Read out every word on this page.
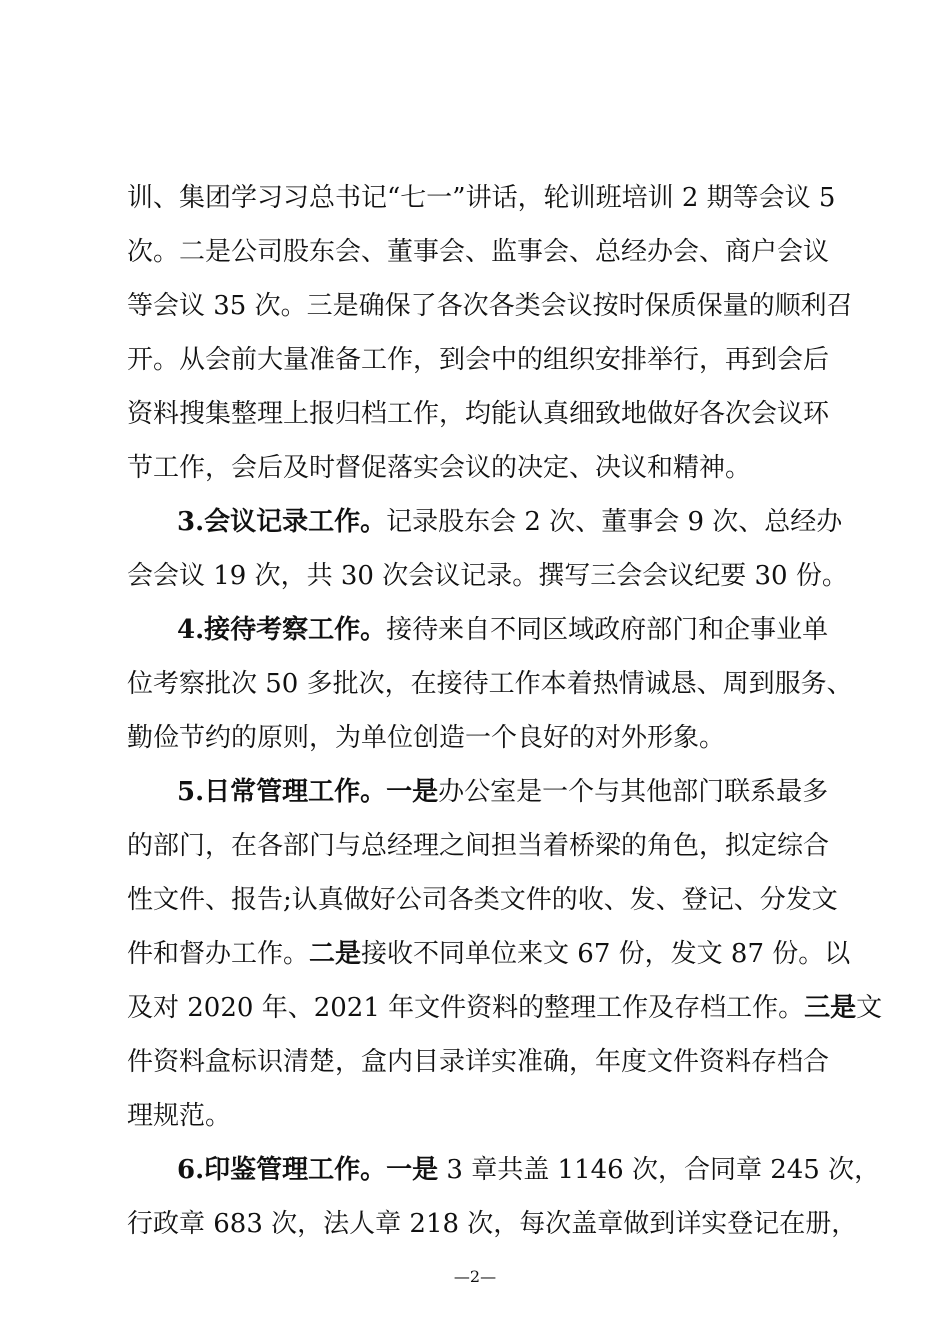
训、集团学习习总书记“七一”讲话，轮训班培训 2 期等会议 5
次。二是公司股东会、董事会、监事会、总经办会、商户会议
等会议 35 次。三是确保了各次各类会议按时保质保量的顺利召
开。从会前大量准备工作，到会中的组织安排举行，再到会后
资料搜集整理上报归档工作，均能认真细致地做好各次会议环
节工作，会后及时督促落实会议的决定、决议和精神。
3.会议记录工作。记录股东会 2 次、董事会 9 次、总经办
会会议 19 次，共 30 次会议记录。撰写三会会议纪要 30 份。
4.接待考察工作。接待来自不同区域政府部门和企事业单
位考察批次 50 多批次，在接待工作本着热情诚恳、周到服务、
勤俭节约的原则，为单位创造一个良好的对外形象。
5.日常管理工作。一是办公室是一个与其他部门联系最多
的部门，在各部门与总经理之间担当着桥梁的角色，拟定综合
性文件、报告;认真做好公司各类文件的收、发、登记、分发文
件和督办工作。二是接收不同单位来文 67 份，发文 87 份。以
及对 2020 年、2021 年文件资料的整理工作及存档工作。三是文
件资料盒标识清楚，盒内目录详实准确，年度文件资料存档合
理规范。
6.印鉴管理工作。一是 3 章共盖 1146 次，合同章 245 次，
行政章 683 次，法人章 218 次，每次盖章做到详实登记在册，
—2—
